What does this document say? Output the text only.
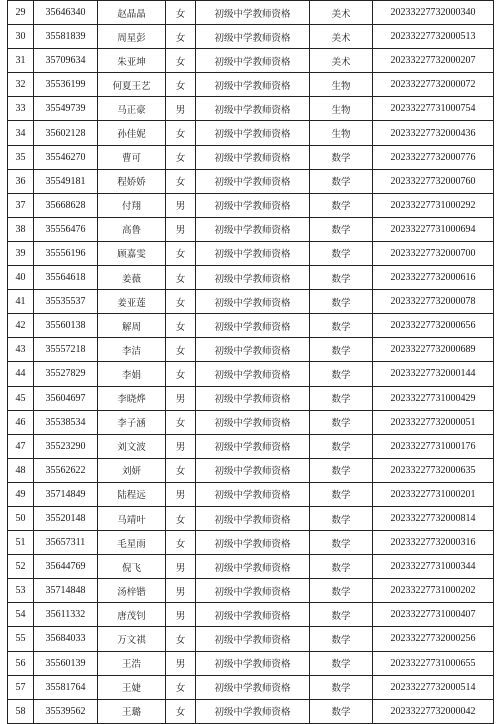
29	35646340	赵晶晶	女	初级中学教师资格	美术	20233227732000340
30	35581839	周星彭	女	初级中学教师资格	美术	20233227732000513
31	35709634	朱亚坤	女	初级中学教师资格	美术	20233227732000207
32	35536199	何夏王艺	女	初级中学教师资格	生物	20233227732000072
33	35549739	马正豪	男	初级中学教师资格	生物	20233227731000754
34	35602128	孙佳妮	女	初级中学教师资格	生物	20233227732000436
35	35546270	曹可	女	初级中学教师资格	数学	20233227732000776
36	35549181	程娇娇	女	初级中学教师资格	数学	20233227732000760
37	35668628	付翔	男	初级中学教师资格	数学	20233227731000292
38	35556476	高鲁	男	初级中学教师资格	数学	20233227731000694
39	35556196	顾嘉雯	女	初级中学教师资格	数学	20233227732000700
40	35564618	姜薇	女	初级中学教师资格	数学	20233227732000616
41	35535537	姜亚莲	女	初级中学教师资格	数学	20233227732000078
42	35560138	解周	女	初级中学教师资格	数学	20233227732000656
43	35557218	李洁	女	初级中学教师资格	数学	20233227732000689
44	35527829	李娟	女	初级中学教师资格	数学	20233227732000144
45	35604697	李晓烨	男	初级中学教师资格	数学	20233227731000429
46	35538534	李子涵	女	初级中学教师资格	数学	20233227732000051
47	35523290	刘文波	男	初级中学教师资格	数学	20233227731000176
48	35562622	刘妍	女	初级中学教师资格	数学	20233227732000635
49	35714849	陆程远	男	初级中学教师资格	数学	20233227731000201
50	35520148	马靖叶	女	初级中学教师资格	数学	20233227732000814
51	35657311	毛星雨	女	初级中学教师资格	数学	20233227732000316
52	35644769	倪飞	男	初级中学教师资格	数学	20233227731000344
53	35714848	汤梓锴	男	初级中学教师资格	数学	20233227731000202
54	35611332	唐茂钊	男	初级中学教师资格	数学	20233227731000407
55	35684033	万文祺	女	初级中学教师资格	数学	20233227732000256
56	35560139	王浩	男	初级中学教师资格	数学	20233227731000655
57	35581764	王婕	女	初级中学教师资格	数学	20233227732000514
58	35539562	王璐	女	初级中学教师资格	数学	20233227732000042
